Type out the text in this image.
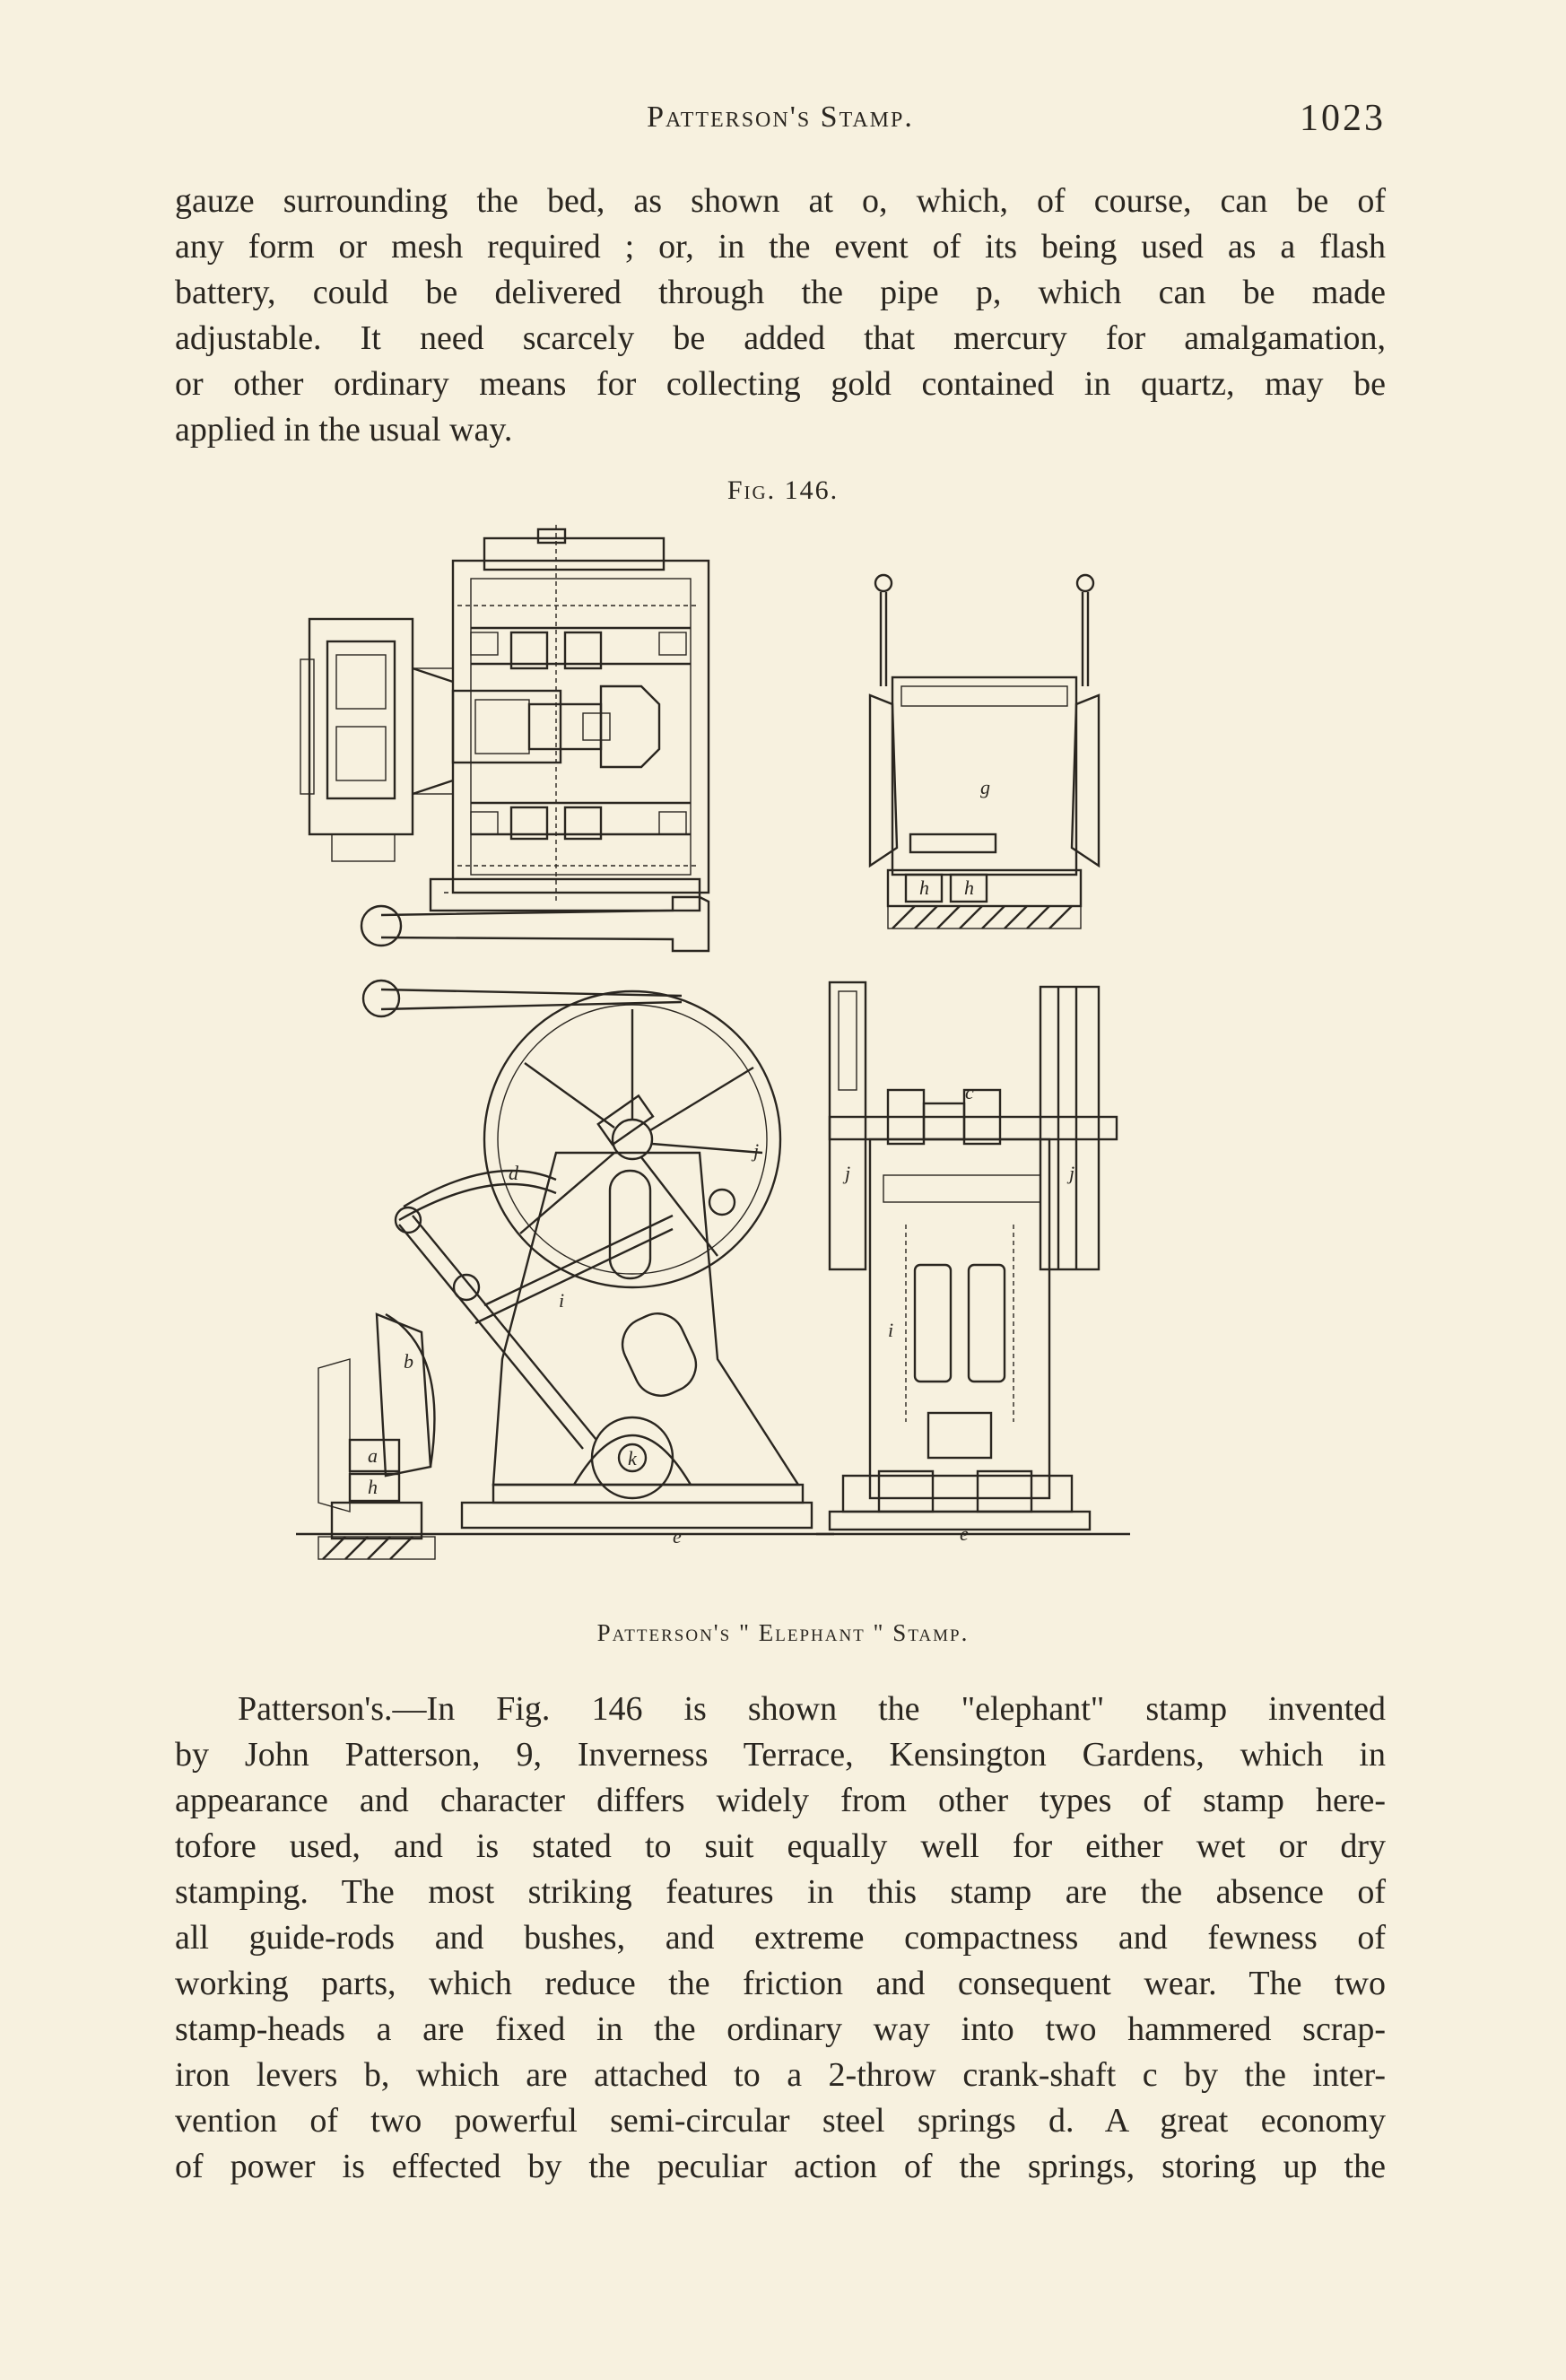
Patterson's Stamp.	1023
gauze surrounding the bed, as shown at o, which, of course, can be of
any form or mesh required ; or, in the event of its being used as a flash
battery, could be delivered through the pipe p, which can be made
adjustable. It need scarcely be added that mercury for amalgamation,
or other ordinary means for collecting gold contained in quartz, may be
applied in the usual way.
Fig. 146.
g
h h
d
j
i
b
a
h
k
e
j	j
c
i
e
Patterson's " Elephant " Stamp.
Patterson's.—In Fig. 146 is shown the "elephant" stamp invented
by John Patterson, 9, Inverness Terrace, Kensington Gardens, which in
appearance and character differs widely from other types of stamp here-
tofore used, and is stated to suit equally well for either wet or dry
stamping. The most striking features in this stamp are the absence of
all guide-rods and bushes, and extreme compactness and fewness of
working parts, which reduce the friction and consequent wear. The two
stamp-heads a are fixed in the ordinary way into two hammered scrap-
iron levers b, which are attached to a 2-throw crank-shaft c by the inter-
vention of two powerful semi-circular steel springs d. A great economy
of power is effected by the peculiar action of the springs, storing up the
